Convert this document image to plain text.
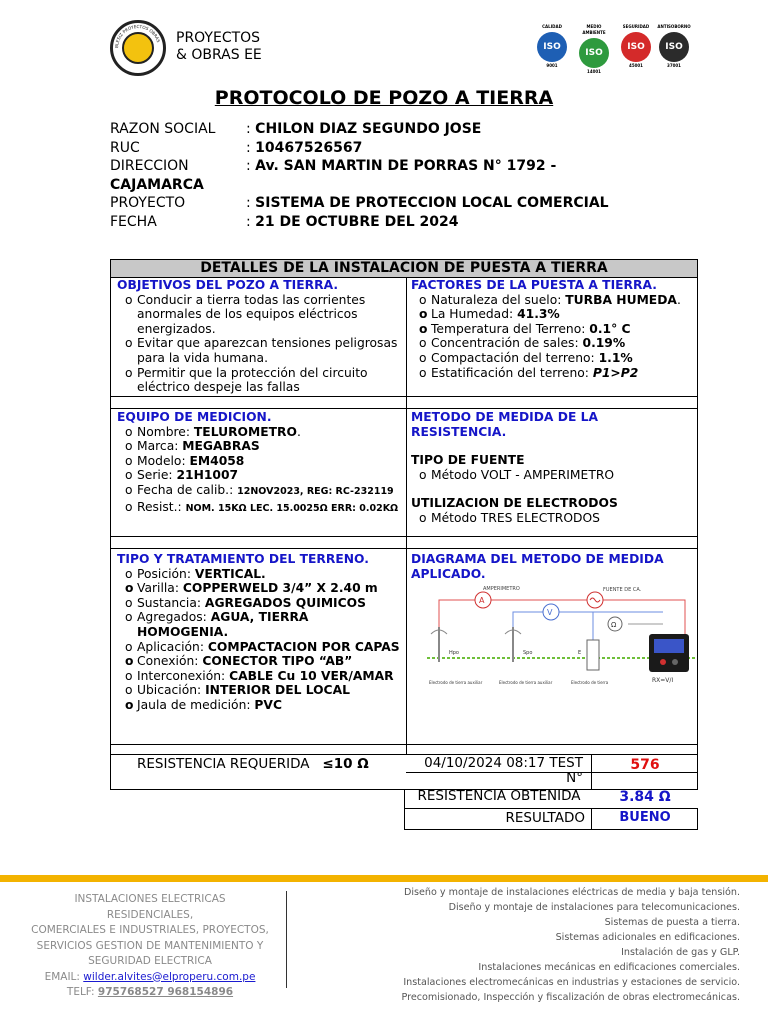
BLESIZ PROYECTOS OBRAS PROYECTOS & OBRAS EE
CALIDAD
ISO
9001
MEDIO AMBIENTE
ISO
14001
SEGURIDAD
ISO
45001
ANTISOBORNO
ISO
37001
PROTOCOLO DE POZO A TIERRA
RAZON SOCIAL : CHILON DIAZ SEGUNDO JOSE
RUC	: 10467526567
DIRECCION	: Av. SAN MARTIN DE PORRAS N° 1792 -
CAJAMARCA
PROYECTO	: SISTEMA DE PROTECCION LOCAL COMERCIAL
FECHA	: 21 DE OCTUBRE DEL 2024
DETALLES DE LA INSTALACION DE PUESTA A TIERRA
OBJETIVOS DEL POZO A TIERRA.
o Conducir a tierra todas las corrientes anormales de los equipos eléctricos energizados.
o Evitar que aparezcan tensiones peligrosas para la vida humana.
o Permitir que la protección del circuito eléctrico despeje las fallas
FACTORES DE LA PUESTA A TIERRA.
o Naturaleza del suelo: TURBA HUMEDA.
o La Humedad: 41.3%
o Temperatura del Terreno: 0.1° C
o Concentración de sales: 0.19%
o Compactación del terreno: 1.1%
o Estatificación del terreno: P1>P2
EQUIPO DE MEDICION.
o Nombre: TELUROMETRO.
o Marca: MEGABRAS
o Modelo: EM4058
o Serie: 21H1007
o Fecha de calib.: 12NOV2023, REG: RC-232119
o Resist.: NOM. 15KΩ LEC. 15.0025Ω ERR: 0.02KΩ
METODO DE MEDIDA DE LA RESISTENCIA.
TIPO DE FUENTE
o Método VOLT - AMPERIMETRO
UTILIZACION DE ELECTRODOS
o Método TRES ELECTRODOS
TIPO Y TRATAMIENTO DEL TERRENO.
o Posición: VERTICAL.
o Varilla: COPPERWELD 3/4” X 2.40 m
o Sustancia: AGREGADOS QUIMICOS
o Agregados: AGUA, TIERRA HOMOGENIA.
o Aplicación: COMPACTACION POR CAPAS
o Conexión: CONECTOR TIPO “AB”
o Interconexión: CABLE Cu 10 VER/AMAR
o Ubicación: INTERIOR DEL LOCAL
o Jaula de medición: PVC
DIAGRAMA DEL METODO DE MEDIDA APLICADO.
A
V
Ω
AMPERIMETRO	FUENTE DE CA.
Hpo	Spo	E
Electrodo de tierra auxiliar	Electrodo de tierra auxiliar	Electrodo de tierra	RX=V/I
RESISTENCIA REQUERIDA ≤10 Ω	04/10/2024 08:17 TEST N°
576
RESISTENCIA OBTENIDA	3.84 Ω
RESULTADO	BUENO
INSTALACIONES ELECTRICAS RESIDENCIALES,
COMERCIALES E INDUSTRIALES, PROYECTOS,
SERVICIOS GESTION DE MANTENIMIENTO Y
SEGURIDAD ELECTRICA
EMAIL: wilder.alvites@elproperu.com.pe
TELF: 975768527 968154896
Diseño y montaje de instalaciones eléctricas de media y baja tensión.
Diseño y montaje de instalaciones para telecomunicaciones.
Sistemas de puesta a tierra.
Sistemas adicionales en edificaciones.
Instalación de gas y GLP.
Instalaciones mecánicas en edificaciones comerciales.
Instalaciones electromecánicas en industrias y estaciones de servicio.
Precomisionado, Inspección y fiscalización de obras electromecánicas.
